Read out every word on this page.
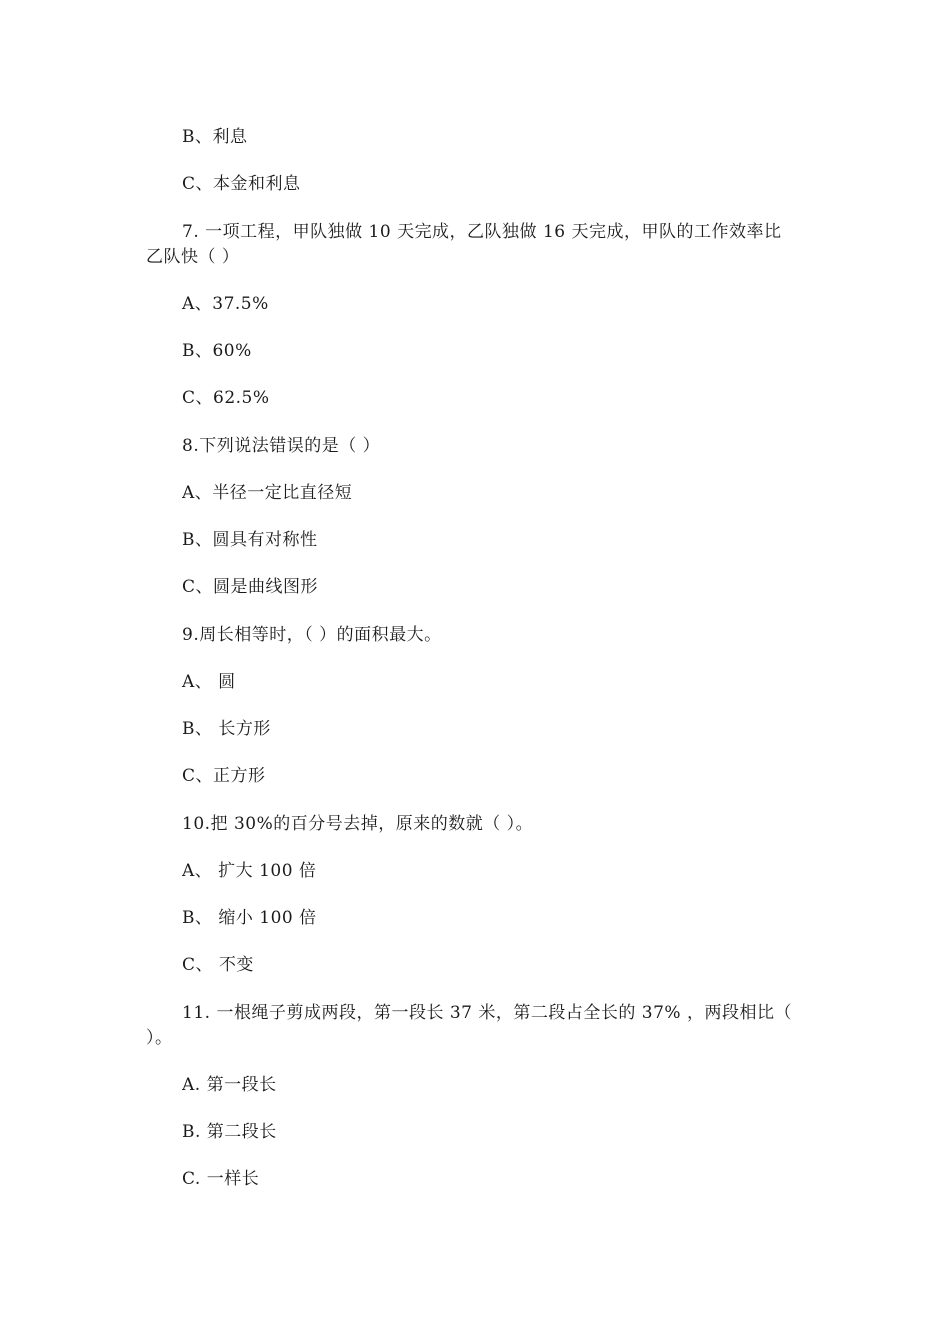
B、利息
C、本金和利息
7. 一项工程，甲队独做 10 天完成，乙队独做 16 天完成，甲队的工作效率比
乙队快（ ）
A、37.5%
B、60%
C、62.5%
8.下列说法错误的是（ ）
A、半径一定比直径短
B、圆具有对称性
C、圆是曲线图形
9.周长相等时，（ ）的面积最大。
A、 圆
B、 长方形
C、正方形
10.把 30%的百分号去掉，原来的数就（ ）。
A、 扩大 100 倍
B、 缩小 100 倍
C、 不变
11. 一根绳子剪成两段，第一段长 37 米，第二段占全长的 37% ，两段相比（
）。
A. 第一段长
B. 第二段长
C. 一样长
